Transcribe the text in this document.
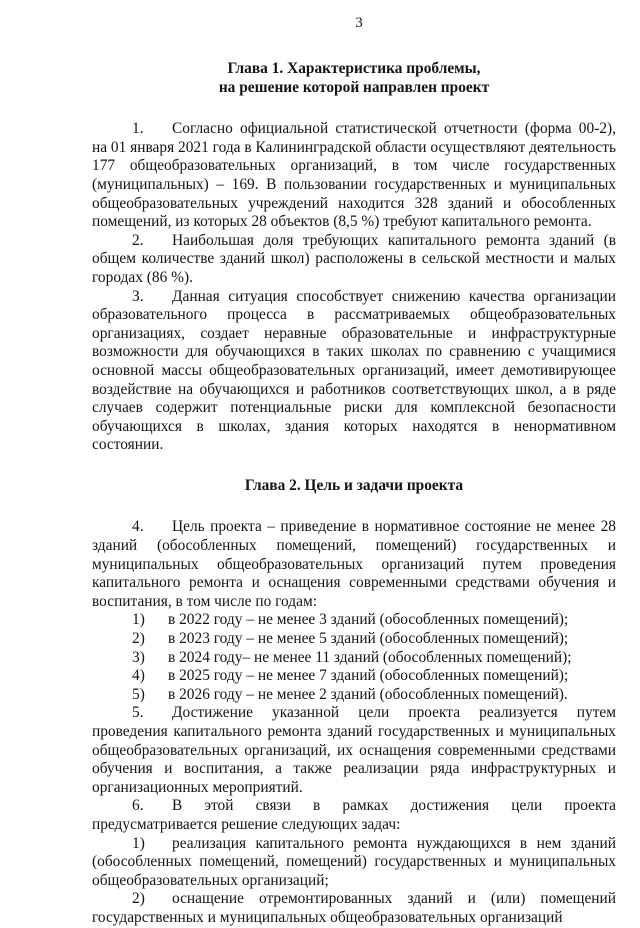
3
Глава 1. Характеристика проблемы,
на решение которой направлен проект

1. Согласно официальной статистической отчетности (форма 00-2), на 01 января 2021 года в Калининградской области осуществляют деятельность 177 общеобразовательных организаций, в том числе государственных (муниципальных) – 169. В пользовании государственных и муниципальных общеобразовательных учреждений находится 328 зданий и обособленных помещений, из которых 28 объектов (8,5 %) требуют капитального ремонта.

2. Наибольшая доля требующих капитального ремонта зданий (в общем количестве зданий школ) расположены в сельской местности и малых городах (86 %).

3. Данная ситуация способствует снижению качества организации образовательного процесса в рассматриваемых общеобразовательных организациях, создает неравные образовательные и инфраструктурные возможности для обучающихся в таких школах по сравнению с учащимися основной массы общеобразовательных организаций, имеет демотивирующее воздействие на обучающихся и работников соответствующих школ, а в ряде случаев содержит потенциальные риски для комплексной безопасности обучающихся в школах, здания которых находятся в ненормативном состоянии.

Глава 2. Цель и задачи проекта

4. Цель проекта – приведение в нормативное состояние не менее 28 зданий (обособленных помещений, помещений) государственных и муниципальных общеобразовательных организаций путем проведения капитального ремонта и оснащения современными средствами обучения и воспитания, в том числе по годам:

1) в 2022 году – не менее 3 зданий (обособленных помещений);

2) в 2023 году – не менее 5 зданий (обособленных помещений);

3) в 2024 году– не менее 11 зданий (обособленных помещений);

4) в 2025 году – не менее 7 зданий (обособленных помещений);

5) в 2026 году – не менее 2 зданий (обособленных помещений).

5. Достижение указанной цели проекта реализуется путем проведения капитального ремонта зданий государственных и муниципальных общеобразовательных организаций, их оснащения современными средствами обучения и воспитания, а также реализации ряда инфраструктурных и организационных мероприятий.

6. В этой связи в рамках достижения цели проекта предусматривается решение следующих задач:

1) реализация капитального ремонта нуждающихся в нем зданий (обособленных помещений, помещений) государственных и муниципальных общеобразовательных организаций;

2) оснащение отремонтированных зданий и (или) помещений государственных и муниципальных общеобразовательных организаций
